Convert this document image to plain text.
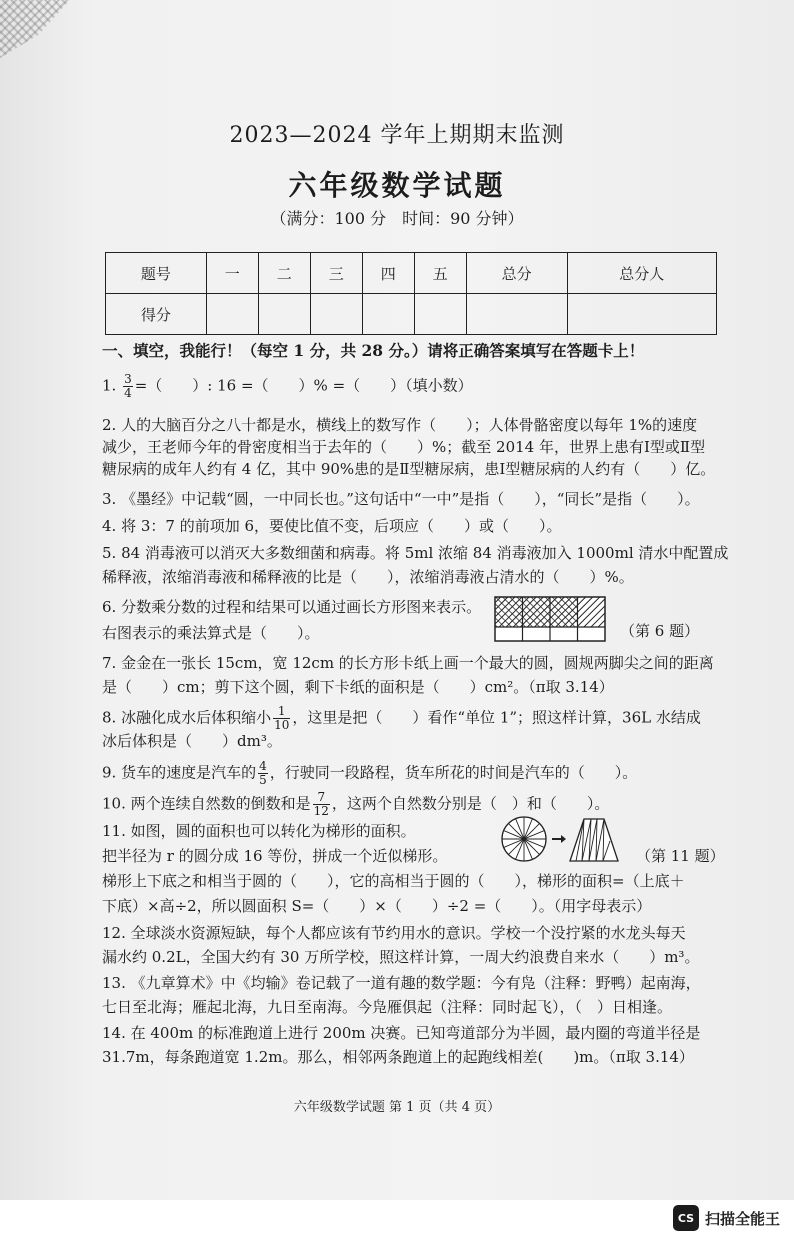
2023—2024 学年上期期末监测
六年级数学试题
（满分：100 分　时间：90 分钟）
题号	一	二	三	四	五	总分	总分人
得分							
一、填空，我能行！（每空 1 分，共 28 分。）请将正确答案填写在答题卡上！
1. $\frac{3}{4}$ =（　　）: 16 =（　　）% =（　　）（填小数）
2. 人的大脑百分之八十都是水，横线上的数写作（　　）；人体骨骼密度以每年 1%的速度
减少，王老师今年的骨密度相当于去年的（　　）%；截至 2014 年，世界上患有Ⅰ型或Ⅱ型
糖尿病的成年人约有 4 亿，其中 90%患的是Ⅱ型糖尿病，患Ⅰ型糖尿病的人约有（　　）亿。
3. 《墨经》中记载“圆，一中同长也。”这句话中“一中”是指（　　），“同长”是指（　　）。
4. 将 3：7 的前项加 6，要使比值不变，后项应（　　）或（　　）。
5. 84 消毒液可以消灭大多数细菌和病毒。将 5ml 浓缩 84 消毒液加入 1000ml 清水中配置成
稀释液，浓缩消毒液和稀释液的比是（　　），浓缩消毒液占清水的（　　）%。
6. 分数乘分数的过程和结果可以通过画长方形图来表示。
右图表示的乘法算式是（　　）。	（第 6 题）
7. 金金在一张长 15cm，宽 12cm 的长方形卡纸上画一个最大的圆，圆规两脚尖之间的距离
是（　　）cm；剪下这个圆，剩下卡纸的面积是（　　）cm²。（π取 3.14）
8. 冰融化成水后体积缩小 $\frac{1}{10}$ ，这里是把（　　）看作“单位 1”；照这样计算，36L 水结成
冰后体积是（　　）dm³。
9. 货车的速度是汽车的 $\frac{4}{5}$ ，行驶同一段路程，货车所花的时间是汽车的（　　）。
10. 两个连续自然数的倒数和是 $\frac{7}{12}$ ，这两个自然数分别是（　）和（　　）。
11. 如图，圆的面积也可以转化为梯形的面积。
把半径为 r 的圆分成 16 等份，拼成一个近似梯形。	（第 11 题）
梯形上下底之和相当于圆的（　　），它的高相当于圆的（　　），梯形的面积=（上底＋
下底）×高÷2，所以圆面积 S=（　　）×（　　）÷2 =（　　）。（用字母表示）
12. 全球淡水资源短缺，每个人都应该有节约用水的意识。学校一个没拧紧的水龙头每天
漏水约 0.2L，全国大约有 30 万所学校，照这样计算，一周大约浪费自来水（　　）m³。
13. 《九章算术》中《均输》卷记载了一道有趣的数学题：今有凫（注释：野鸭）起南海，
七日至北海；雁起北海，九日至南海。今凫雁俱起（注释：同时起飞），（　）日相逢。
14. 在 400m 的标准跑道上进行 200m 决赛。已知弯道部分为半圆，最内圈的弯道半径是
31.7m，每条跑道宽 1.2m。那么，相邻两条跑道上的起跑线相差(　　)m。（π取 3.14）
六年级数学试题 第 1 页（共 4 页）
CS 扫描全能王
